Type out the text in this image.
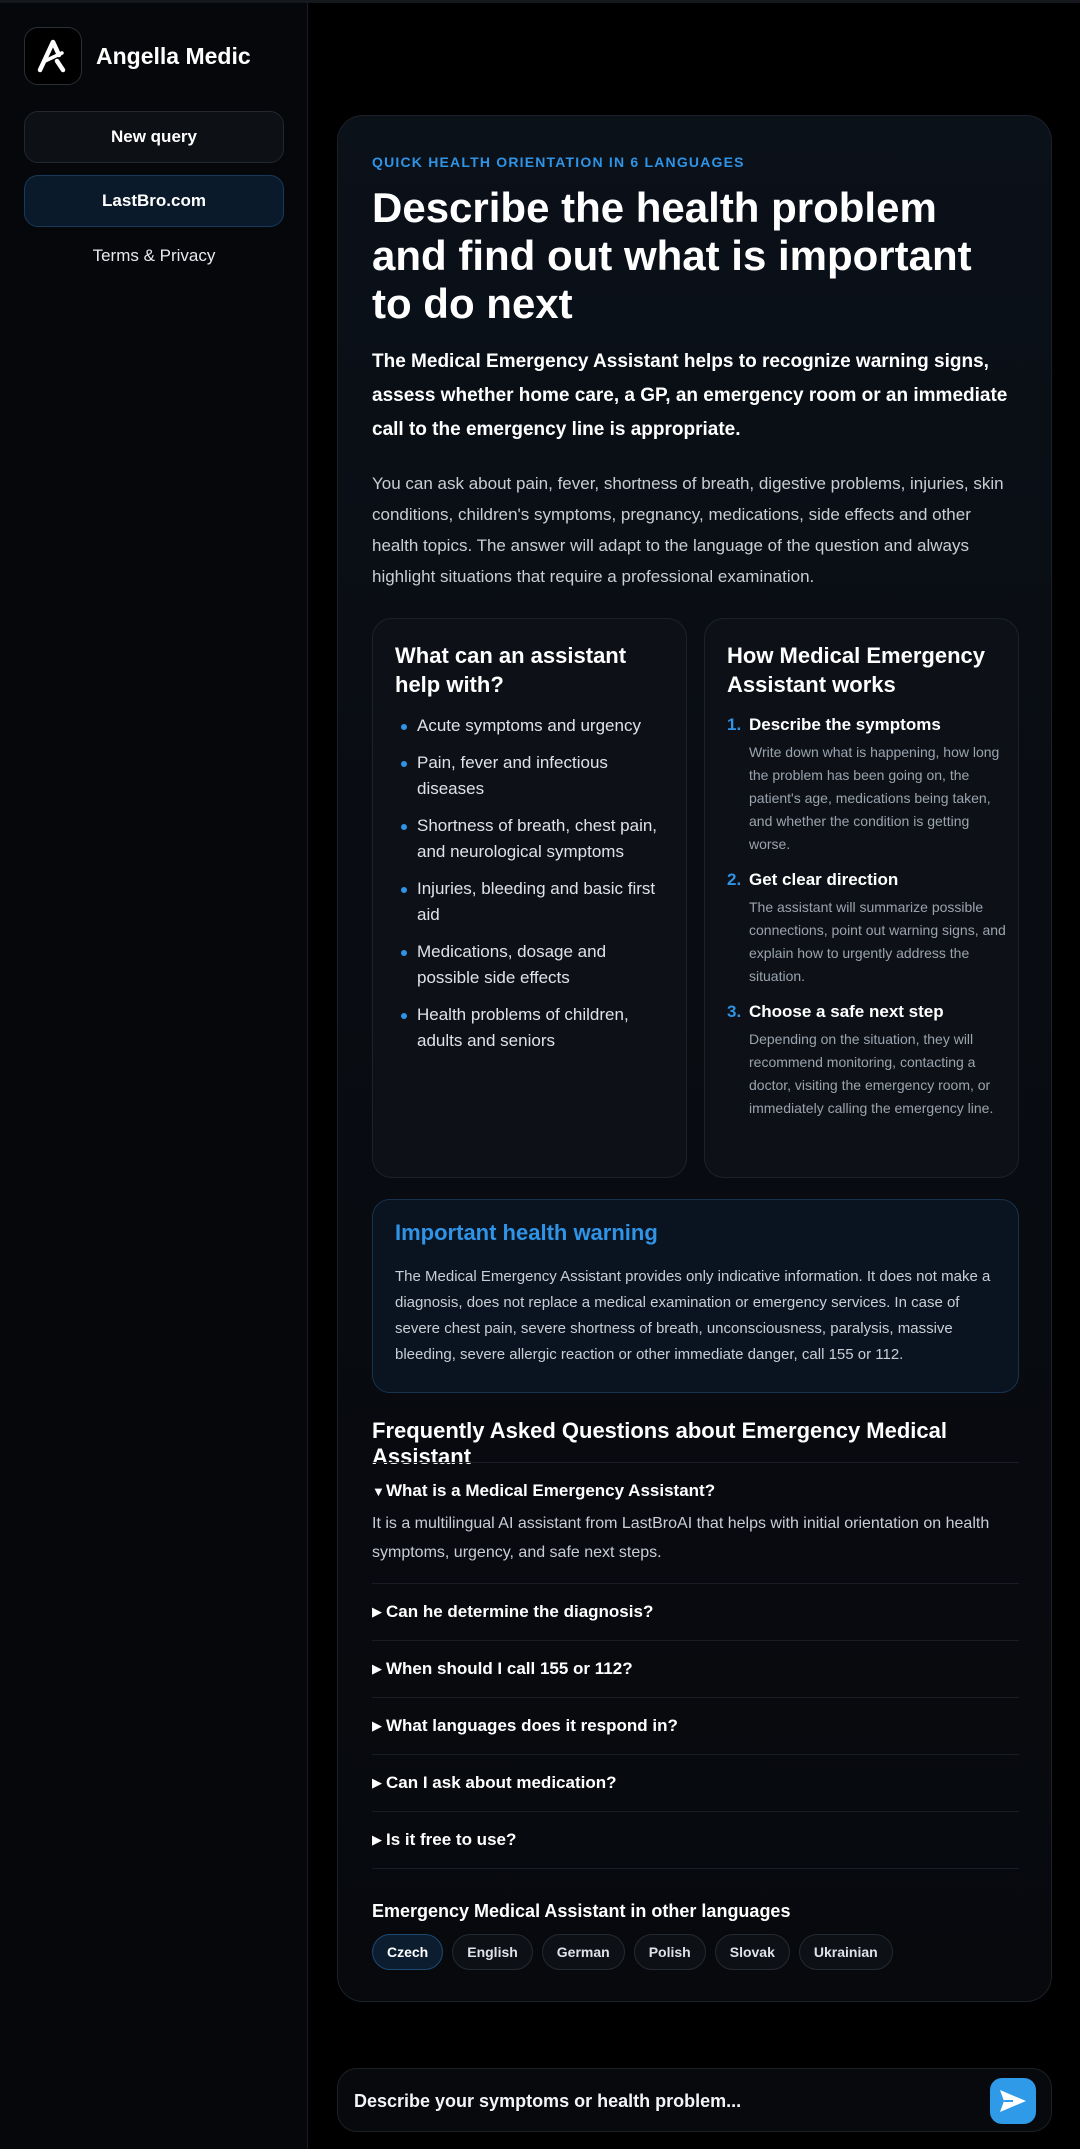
Angella Medic
New query
LastBro.com
Terms & Privacy
QUICK HEALTH ORIENTATION IN 6 LANGUAGES
Describe the health problem and find out what is important to do next

The Medical Emergency Assistant helps to recognize warning signs, assess whether home care, a GP, an emergency room or an immediate call to the emergency line is appropriate.

You can ask about pain, fever, shortness of breath, digestive problems, injuries, skin conditions, children's symptoms, pregnancy, medications, side effects and other health topics. The answer will adapt to the language of the question and always highlight situations that require a professional examination.

What can an assistant help with?
Acute symptoms and urgency
Pain, fever and infectious diseases
Shortness of breath, chest pain, and neurological symptoms
Injuries, bleeding and basic first aid
Medications, dosage and possible side effects
Health problems of children, adults and seniors
How Medical Emergency Assistant works
1. Describe the symptoms
Write down what is happening, how long the problem has been going on, the patient's age, medications being taken, and whether the condition is getting worse.
2. Get clear direction
The assistant will summarize possible connections, point out warning signs, and explain how to urgently address the situation.
3. Choose a safe next step
Depending on the situation, they will recommend monitoring, contacting a doctor, visiting the emergency room, or immediately calling the emergency line.
Important health warning

The Medical Emergency Assistant provides only indicative information. It does not make a diagnosis, does not replace a medical examination or emergency services. In case of severe chest pain, severe shortness of breath, unconsciousness, paralysis, massive bleeding, severe allergic reaction or other immediate danger, call 155 or 112.

Frequently Asked Questions about Emergency Medical Assistant
▼ What is a Medical Emergency Assistant?
It is a multilingual AI assistant from LastBroAI that helps with initial orientation on health symptoms, urgency, and safe next steps.
▶ Can he determine the diagnosis?
▶ When should I call 155 or 112?
▶ What languages does it respond in?
▶ Can I ask about medication?
▶ Is it free to use?
Emergency Medical Assistant in other languages
Czech	English	German	Polish	Slovak	Ukrainian
Describe your symptoms or health problem...
